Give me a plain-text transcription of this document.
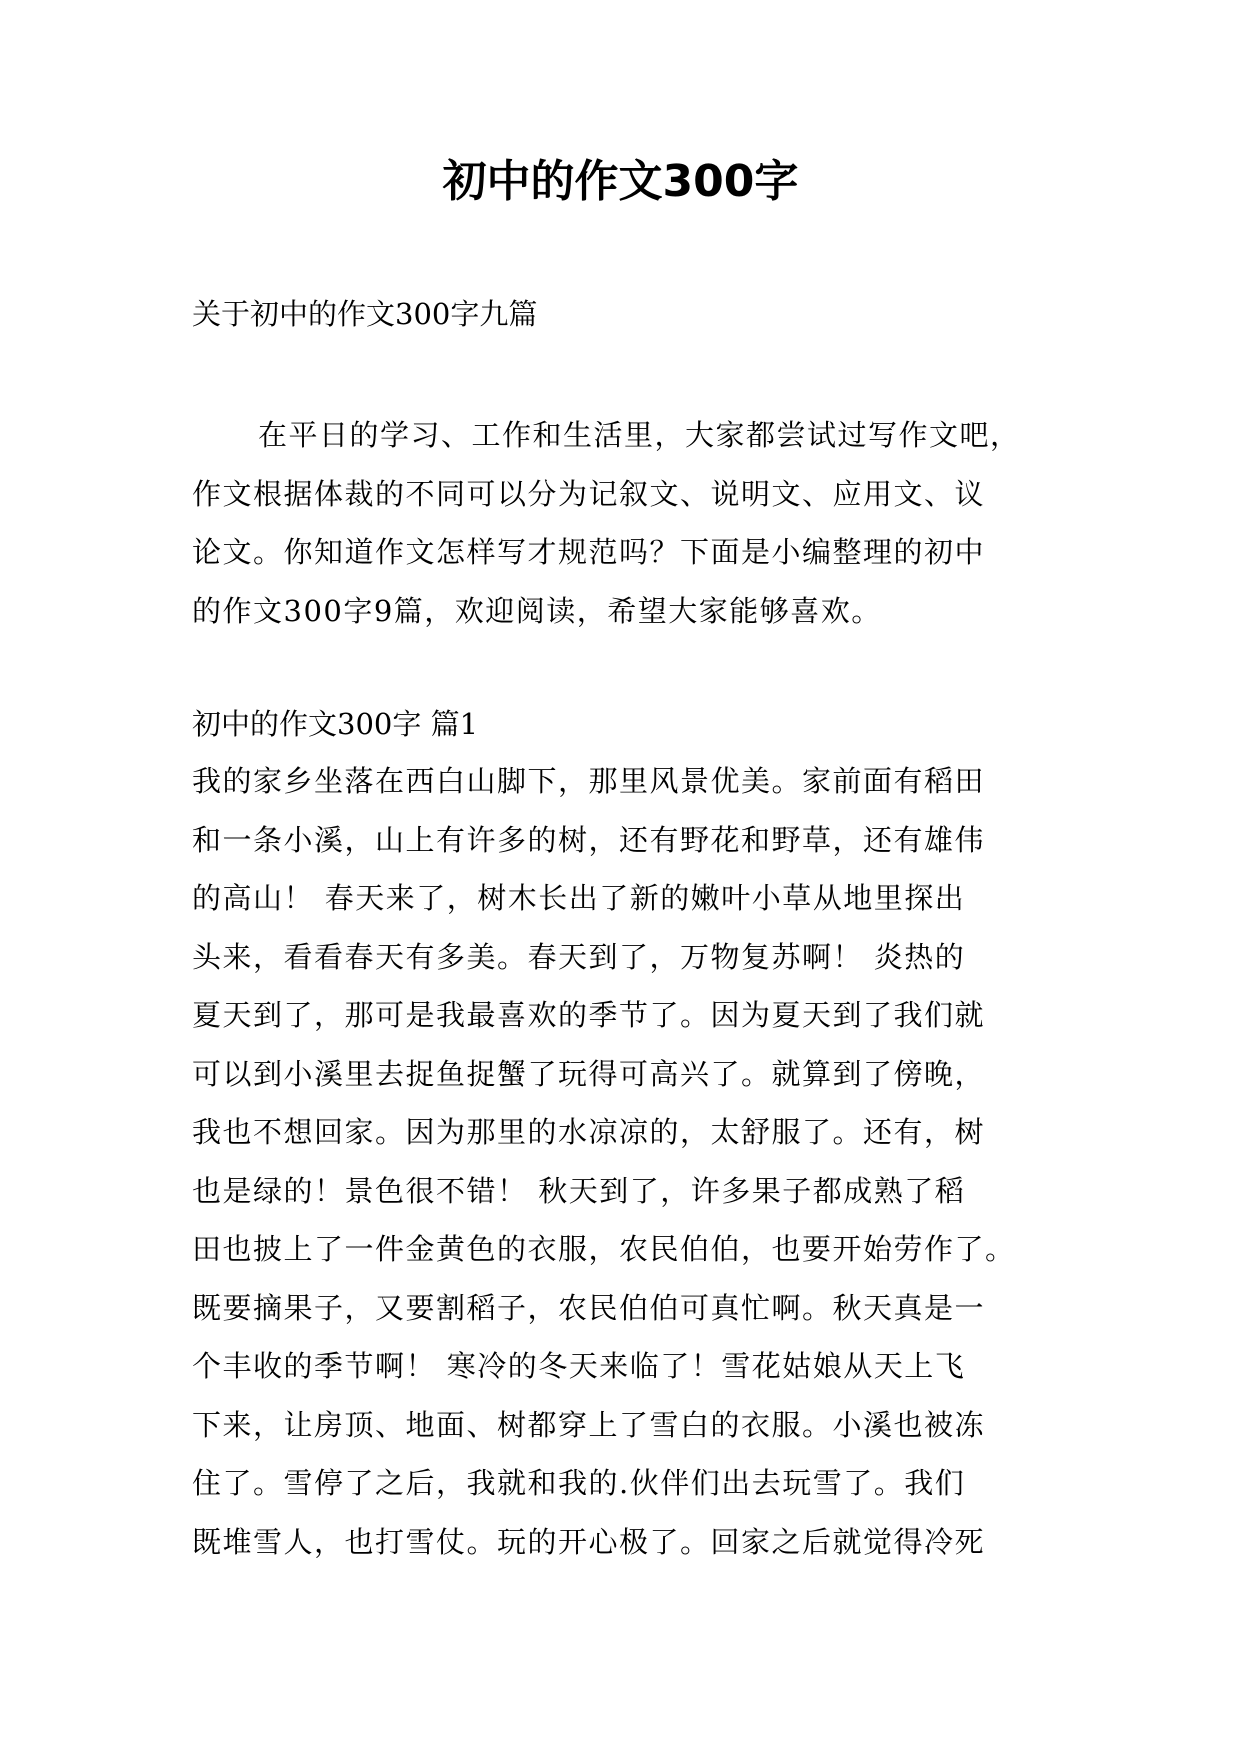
初中的作文300字

关于初中的作文300字九篇

在平日的学习、工作和生活里，大家都尝试过写作文吧，
作文根据体裁的不同可以分为记叙文、说明文、应用文、议
论文。你知道作文怎样写才规范吗？下面是小编整理的初中
的作文300字9篇，欢迎阅读，希望大家能够喜欢。

初中的作文300字 篇1

我的家乡坐落在西白山脚下，那里风景优美。家前面有稻田
和一条小溪，山上有许多的树，还有野花和野草，还有雄伟
的高山！ 春天来了，树木长出了新的嫩叶小草从地里探出
头来，看看春天有多美。春天到了，万物复苏啊！ 炎热的
夏天到了，那可是我最喜欢的季节了。因为夏天到了我们就
可以到小溪里去捉鱼捉蟹了玩得可高兴了。就算到了傍晚，
我也不想回家。因为那里的水凉凉的，太舒服了。还有，树
也是绿的！景色很不错！ 秋天到了，许多果子都成熟了稻
田也披上了一件金黄色的衣服，农民伯伯，也要开始劳作了。
既要摘果子，又要割稻子，农民伯伯可真忙啊。秋天真是一
个丰收的季节啊！ 寒冷的冬天来临了！雪花姑娘从天上飞
下来，让房顶、地面、树都穿上了雪白的衣服。小溪也被冻
住了。雪停了之后，我就和我的.伙伴们出去玩雪了。我们
既堆雪人，也打雪仗。玩的开心极了。回家之后就觉得冷死
